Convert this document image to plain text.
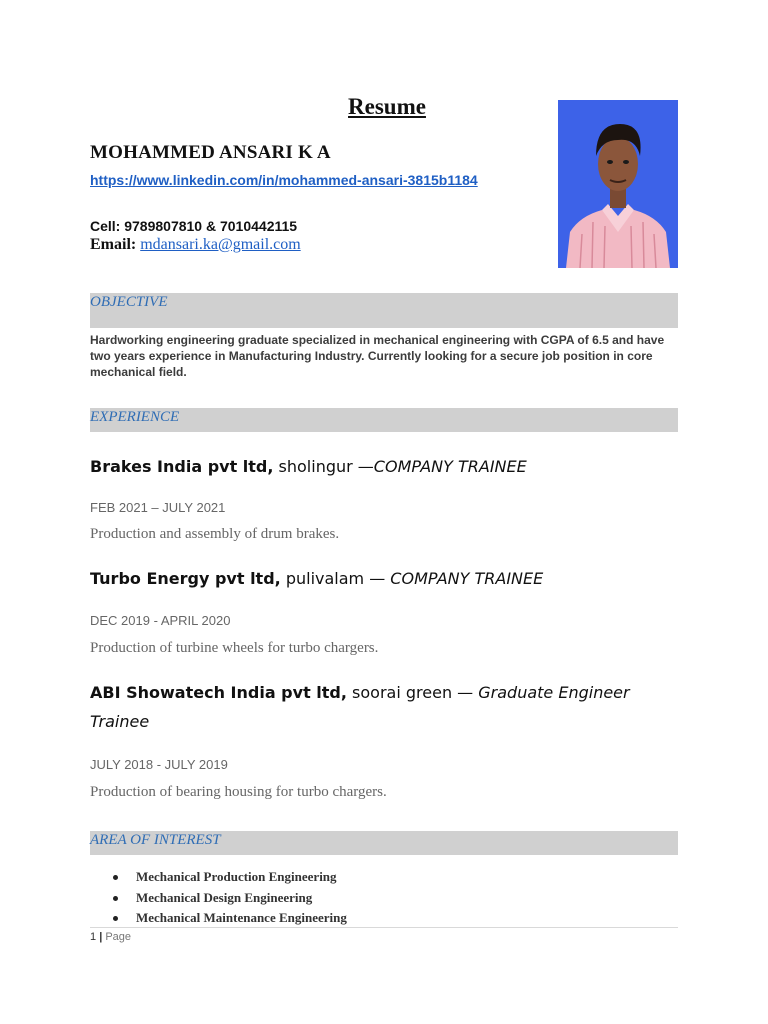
Resume
MOHAMMED ANSARI K A
https://www.linkedin.com/in/mohammed-ansari-3815b1184
Cell: 9789807810 & 7010442115
Email: mdansari.ka@gmail.com
OBJECTIVE
Hardworking engineering graduate specialized in mechanical engineering with CGPA of 6.5 and have two years experience in Manufacturing Industry. Currently looking for a secure job position in core mechanical field.
EXPERIENCE
Brakes India pvt ltd, sholingur —COMPANY TRAINEE
FEB 2021 – JULY 2021
Production and assembly of drum brakes.
Turbo Energy pvt ltd, pulivalam — COMPANY TRAINEE
DEC 2019 - APRIL 2020
Production of turbine wheels for turbo chargers.
ABI Showatech India pvt ltd, soorai green — Graduate Engineer Trainee
JULY 2018 - JULY 2019
Production of bearing housing for turbo chargers.
AREA OF INTEREST
Mechanical Production Engineering
Mechanical Design Engineering
Mechanical Maintenance Engineering
1 | Page
